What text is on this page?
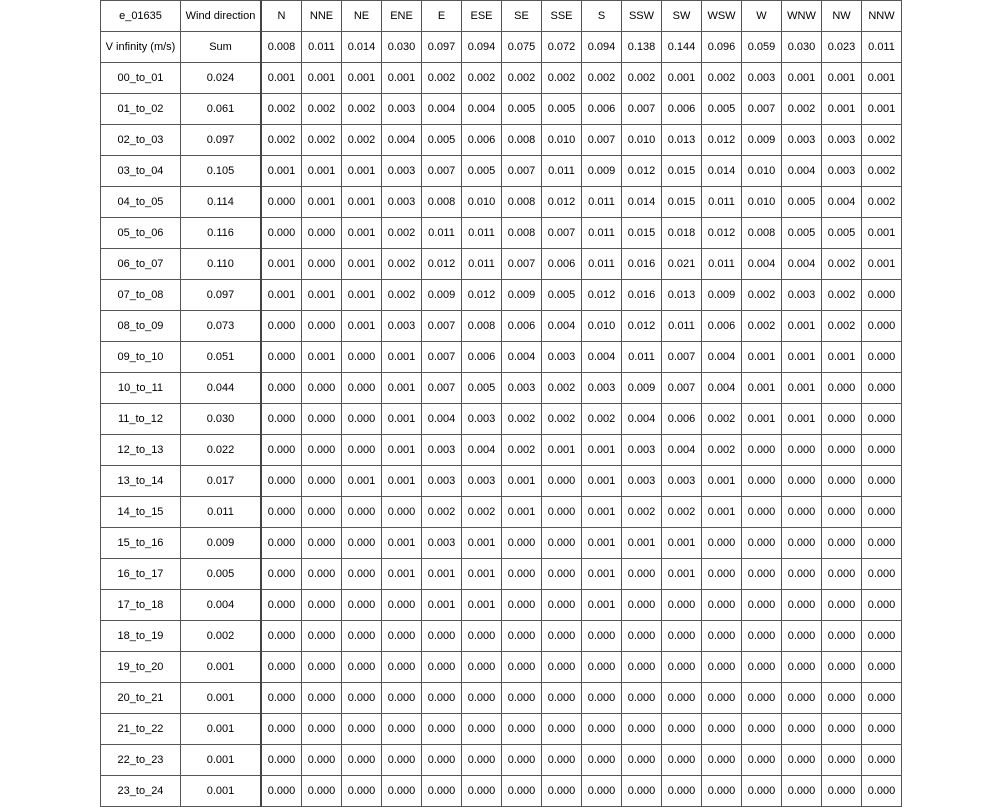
e_01635	Wind direction	N	NNE	NE	ENE	E	ESE	SE	SSE	S	SSW	SW	WSW	W	WNW	NW	NNW
V infinity (m/s)	Sum	0.008	0.011	0.014	0.030	0.097	0.094	0.075	0.072	0.094	0.138	0.144	0.096	0.059	0.030	0.023	0.011
00_to_01	0.024	0.001	0.001	0.001	0.001	0.002	0.002	0.002	0.002	0.002	0.002	0.001	0.002	0.003	0.001	0.001	0.001
01_to_02	0.061	0.002	0.002	0.002	0.003	0.004	0.004	0.005	0.005	0.006	0.007	0.006	0.005	0.007	0.002	0.001	0.001
02_to_03	0.097	0.002	0.002	0.002	0.004	0.005	0.006	0.008	0.010	0.007	0.010	0.013	0.012	0.009	0.003	0.003	0.002
03_to_04	0.105	0.001	0.001	0.001	0.003	0.007	0.005	0.007	0.011	0.009	0.012	0.015	0.014	0.010	0.004	0.003	0.002
04_to_05	0.114	0.000	0.001	0.001	0.003	0.008	0.010	0.008	0.012	0.011	0.014	0.015	0.011	0.010	0.005	0.004	0.002
05_to_06	0.116	0.000	0.000	0.001	0.002	0.011	0.011	0.008	0.007	0.011	0.015	0.018	0.012	0.008	0.005	0.005	0.001
06_to_07	0.110	0.001	0.000	0.001	0.002	0.012	0.011	0.007	0.006	0.011	0.016	0.021	0.011	0.004	0.004	0.002	0.001
07_to_08	0.097	0.001	0.001	0.001	0.002	0.009	0.012	0.009	0.005	0.012	0.016	0.013	0.009	0.002	0.003	0.002	0.000
08_to_09	0.073	0.000	0.000	0.001	0.003	0.007	0.008	0.006	0.004	0.010	0.012	0.011	0.006	0.002	0.001	0.002	0.000
09_to_10	0.051	0.000	0.001	0.000	0.001	0.007	0.006	0.004	0.003	0.004	0.011	0.007	0.004	0.001	0.001	0.001	0.000
10_to_11	0.044	0.000	0.000	0.000	0.001	0.007	0.005	0.003	0.002	0.003	0.009	0.007	0.004	0.001	0.001	0.000	0.000
11_to_12	0.030	0.000	0.000	0.000	0.001	0.004	0.003	0.002	0.002	0.002	0.004	0.006	0.002	0.001	0.001	0.000	0.000
12_to_13	0.022	0.000	0.000	0.000	0.001	0.003	0.004	0.002	0.001	0.001	0.003	0.004	0.002	0.000	0.000	0.000	0.000
13_to_14	0.017	0.000	0.000	0.001	0.001	0.003	0.003	0.001	0.000	0.001	0.003	0.003	0.001	0.000	0.000	0.000	0.000
14_to_15	0.011	0.000	0.000	0.000	0.000	0.002	0.002	0.001	0.000	0.001	0.002	0.002	0.001	0.000	0.000	0.000	0.000
15_to_16	0.009	0.000	0.000	0.000	0.001	0.003	0.001	0.000	0.000	0.001	0.001	0.001	0.000	0.000	0.000	0.000	0.000
16_to_17	0.005	0.000	0.000	0.000	0.001	0.001	0.001	0.000	0.000	0.001	0.000	0.001	0.000	0.000	0.000	0.000	0.000
17_to_18	0.004	0.000	0.000	0.000	0.000	0.001	0.001	0.000	0.000	0.001	0.000	0.000	0.000	0.000	0.000	0.000	0.000
18_to_19	0.002	0.000	0.000	0.000	0.000	0.000	0.000	0.000	0.000	0.000	0.000	0.000	0.000	0.000	0.000	0.000	0.000
19_to_20	0.001	0.000	0.000	0.000	0.000	0.000	0.000	0.000	0.000	0.000	0.000	0.000	0.000	0.000	0.000	0.000	0.000
20_to_21	0.001	0.000	0.000	0.000	0.000	0.000	0.000	0.000	0.000	0.000	0.000	0.000	0.000	0.000	0.000	0.000	0.000
21_to_22	0.001	0.000	0.000	0.000	0.000	0.000	0.000	0.000	0.000	0.000	0.000	0.000	0.000	0.000	0.000	0.000	0.000
22_to_23	0.001	0.000	0.000	0.000	0.000	0.000	0.000	0.000	0.000	0.000	0.000	0.000	0.000	0.000	0.000	0.000	0.000
23_to_24	0.001	0.000	0.000	0.000	0.000	0.000	0.000	0.000	0.000	0.000	0.000	0.000	0.000	0.000	0.000	0.000	0.000
